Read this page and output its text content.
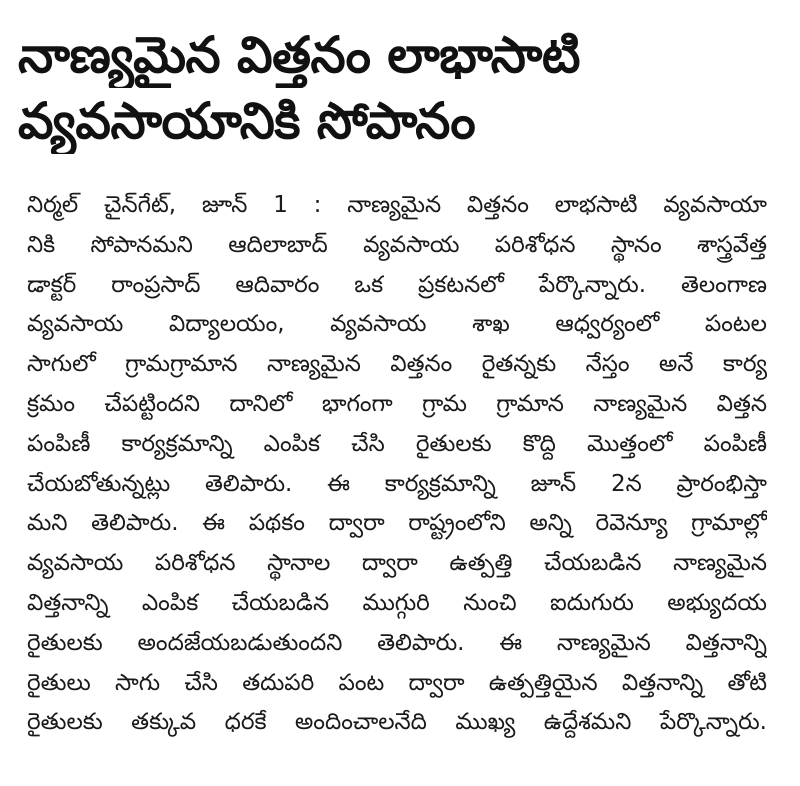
నాణ్యమైన విత్తనం లాభాసాటి
వ్యవసాయానికి సోపానం
నిర్మల్ చైన్‌గేట్, జూన్ 1 : నాణ్యమైన విత్తనం లాభసాటి వ్యవసాయా
నికి సోపానమని ఆదిలాబాద్ వ్యవసాయ పరిశోధన స్థానం శాస్త్రవేత్త
డాక్టర్ రాంప్రసాద్ ఆదివారం ఒక ప్రకటనలో పేర్కొన్నారు. తెలంగాణ
వ్యవసాయ విద్యాలయం, వ్యవసాయ శాఖ ఆధ్వర్యంలో పంటల
సాగులో గ్రామగ్రామాన నాణ్యమైన విత్తనం రైతన్నకు నేస్తం అనే కార్య
క్రమం చేపట్టిందని దానిలో భాగంగా గ్రామ గ్రామాన నాణ్యమైన విత్తన
పంపిణీ కార్యక్రమాన్ని ఎంపిక చేసి రైతులకు కొద్ది మొత్తంలో పంపిణీ
చేయబోతున్నట్లు తెలిపారు. ఈ కార్యక్రమాన్ని జూన్ 2న ప్రారంభిస్తా
మని తెలిపారు. ఈ పథకం ద్వారా రాష్ట్రంలోని అన్ని రెవెన్యూ గ్రామాల్లో
వ్యవసాయ పరిశోధన స్థానాల ద్వారా ఉత్పత్తి చేయబడిన నాణ్యమైన
విత్తనాన్ని ఎంపిక చేయబడిన ముగ్గురి నుంచి ఐదుగురు అభ్యుదయ
రైతులకు అందజేయబడుతుందని తెలిపారు. ఈ నాణ్యమైన విత్తనాన్ని
రైతులు సాగు చేసి తదుపరి పంట ద్వారా ఉత్పత్తియైన విత్తనాన్ని తోటి
రైతులకు తక్కువ ధరకే అందించాలనేది ముఖ్య ఉద్దేశమని పేర్కొన్నారు.
